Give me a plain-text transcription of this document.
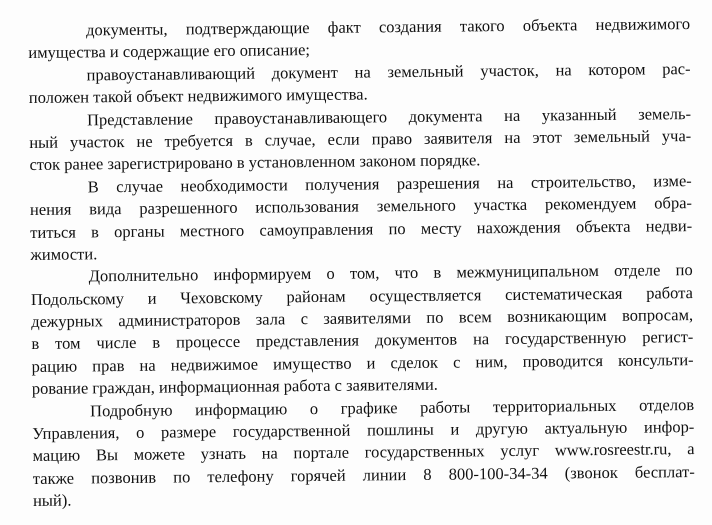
документы, подтверждающие факт создания такого объекта недвижимого
имущества и содержащие его описание;
правоустанавливающий документ на земельный участок, на котором рас-
положен такой объект недвижимого имущества.
Представление правоустанавливающего документа на указанный земель-
ный участок не требуется в случае, если право заявителя на этот земельный уча-
сток ранее зарегистрировано в установленном законом порядке.
В случае необходимости получения разрешения на строительство, изме-
нения вида разрешенного использования земельного участка рекомендуем обра-
титься в органы местного самоуправления по месту нахождения объекта недви-
жимости.
Дополнительно информируем о том, что в межмуниципальном отделе по
Подольскому и Чеховскому районам осуществляется систематическая работа
дежурных администраторов зала с заявителями по всем возникающим вопросам,
в том числе в процессе представления документов на государственную регист-
рацию прав на недвижимое имущество и сделок с ним, проводится консульти-
рование граждан, информационная работа с заявителями.
Подробную информацию о графике работы территориальных отделов
Управления, о размере государственной пошлины и другую актуальную инфор-
мацию Вы можете узнать на портале государственных услуг www.rosreestr.ru, а
также позвонив по телефону горячей линии 8 800-100-34-34 (звонок бесплат-
ный).
